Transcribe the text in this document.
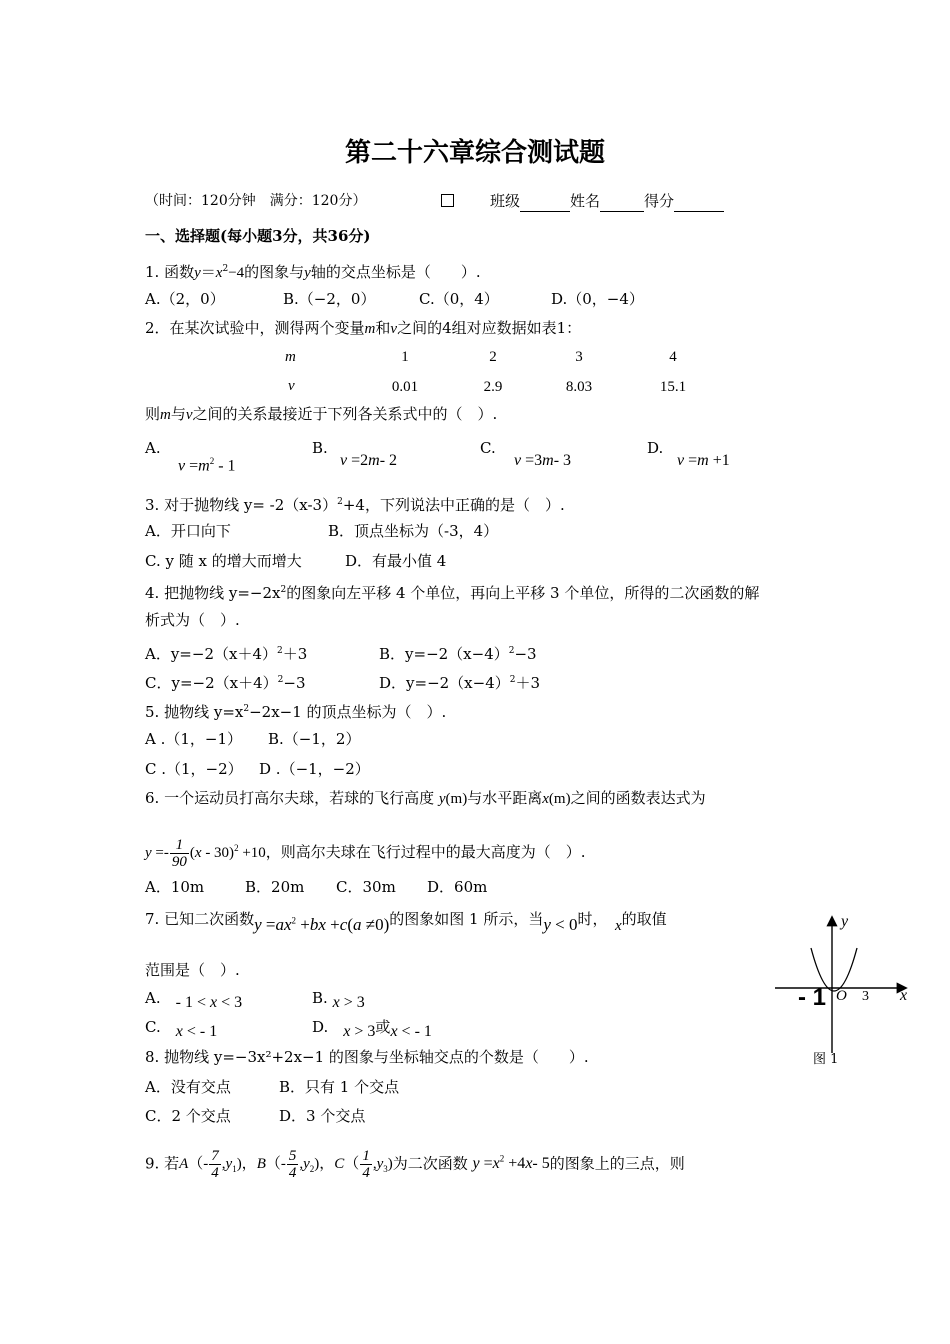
第二十六章综合测试题
（时间：120分钟　满分：120分）	班级	姓名	得分
一、选择题(每小题3分，共36分)
1. 函数$y=x^2-4$的图象与y轴的交点坐标是（　　）.
A.（2，0）	B.（−2，0）	C.（0，4）	D.（0，−4）
2．在某次试验中，测得两个变量m和v之间的4组对应数据如表1：
m	1	2	3	4
v	0.01	2.9	8.03	15.1
则m与v之间的关系最接近于下列各关系式中的（　）.
A.
$v =m^2 - 1$
B.
v =2m- 2
C.
v =3m- 3
D.
v =m +1
3. 对于抛物线 $y= -2(x-3)^2+4$，下列说法中正确的是（　）.
A．开口向下	B．顶点坐标为（-3，4）
C. y 随 x 的增大而增大	D．有最小值 4
4. 把抛物线 $y=-2x^2$的图象向左平移 4 个单位，再向上平移 3 个单位，所得的二次函数的解
析式为（　）.
A．$y=-2(x+4)^2+3$	B．$y=-2(x-4)^2-3$
C．$y=-2(x+4)^2-3$	D．$y=-2(x-4)^2+3$
5. 抛物线 $y=x^2-2x-1$ 的顶点坐标为（　）.
A .（1，−1） B.（−1，2）
C .（1，−2） D .（−1，−2）
6. 一个运动员打高尔夫球，若球的飞行高度 y(m)与水平距离x(m)之间的函数表达式为
$y =- \frac{1}{90} (x - 30)^2 +10$，则高尔夫球在飞行过程中的最大高度为（　）.
A．10m	B．20m C．30m D．60m
7. 已知二次函数$y =ax^2 +bx +c(a \ne 0)$的图象如图 1 所示，当y < 0时，　 x的取值
范围是（　）.
A.　 - 1 < x < 3	B. x > 3
C.　 x < - 1	D.　 x > 3或x < - 1
y
x
O
- 1	3
图 1
8. 抛物线 y=−3x²+2x−1 的图象与坐标轴交点的个数是（　　）.
A．没有交点	B．只有 1 个交点
C．2 个交点	D．3 个交点
9. 若$A(- \frac{7}{4} ,y_1)$，$B(- \frac{5}{4} ,y_2)$，$C( \frac{1}{4} ,y_3)$为二次函数 $y =x^2 +4x-$ 5的图象上的三点，则
